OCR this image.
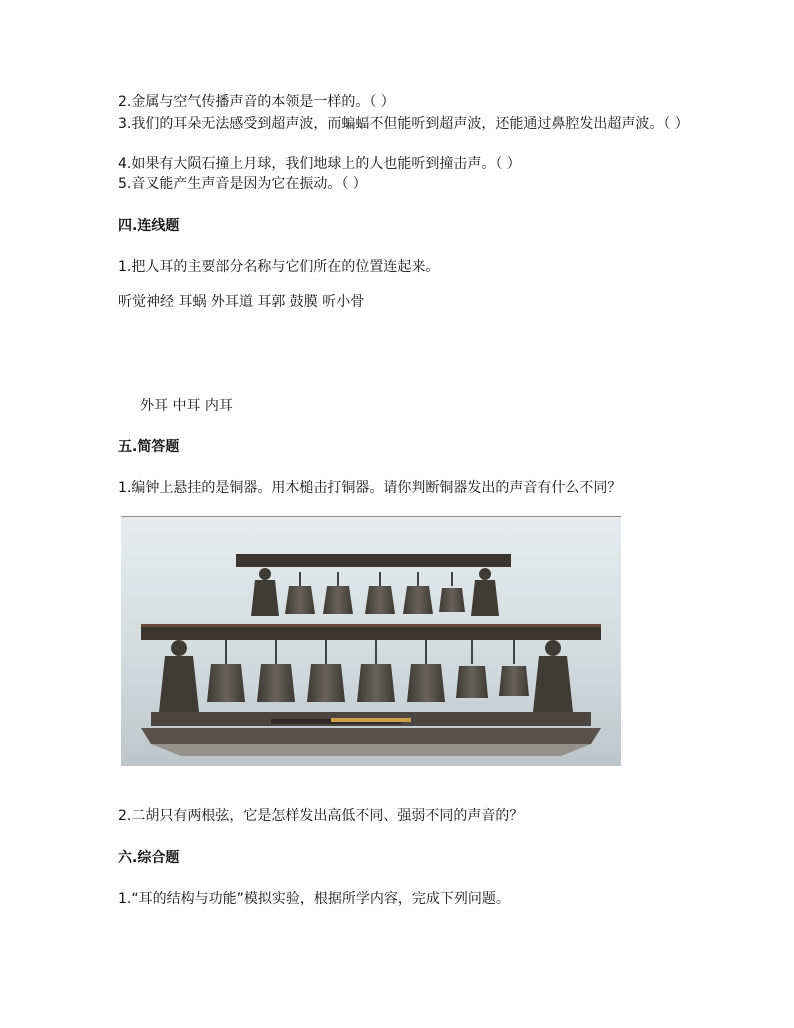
2.金属与空气传播声音的本领是一样的。（ ）
3.我们的耳朵无法感受到超声波，而蝙蝠不但能听到超声波，还能通过鼻腔发出超声波。（ ）
4.如果有大陨石撞上月球，我们地球上的人也能听到撞击声。（ ）
5.音叉能产生声音是因为它在振动。（ ）
四.连线题
1.把人耳的主要部分名称与它们所在的位置连起来。
听觉神经 耳蜗 外耳道 耳郭 鼓膜 听小骨
外耳 中耳 内耳
五.简答题
1.编钟上悬挂的是铜器。用木槌击打铜器。请你判断铜器发出的声音有什么不同？
2.二胡只有两根弦，它是怎样发出高低不同、强弱不同的声音的？
六.综合题
1.“耳的结构与功能”模拟实验，根据所学内容，完成下列问题。
